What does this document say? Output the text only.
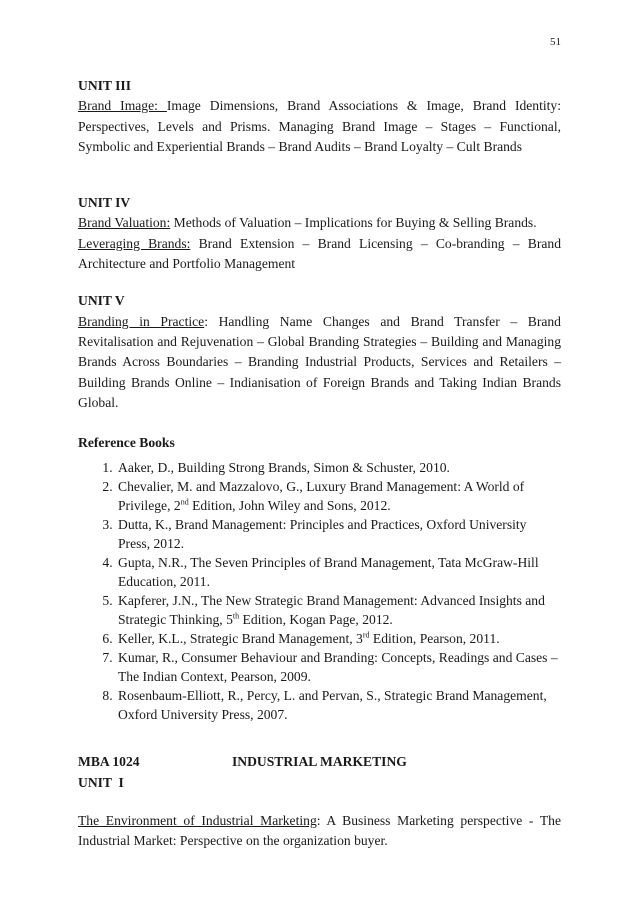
51

UNIT III

Brand Image: Image Dimensions, Brand Associations & Image, Brand Identity: Perspectives, Levels and Prisms. Managing Brand Image – Stages – Functional, Symbolic and Experiential Brands – Brand Audits – Brand Loyalty – Cult Brands

UNIT IV

Brand Valuation: Methods of Valuation – Implications for Buying & Selling Brands.

Leveraging Brands: Brand Extension – Brand Licensing – Co-branding – Brand Architecture and Portfolio Management

UNIT V

Branding in Practice: Handling Name Changes and Brand Transfer – Brand Revitalisation and Rejuvenation – Global Branding Strategies – Building and Managing Brands Across Boundaries – Branding Industrial Products, Services and Retailers – Building Brands Online – Indianisation of Foreign Brands and Taking Indian Brands Global.

Reference Books

1. Aaker, D., Building Strong Brands, Simon & Schuster, 2010.
2. Chevalier, M. and Mazzalovo, G., Luxury Brand Management: A World of Privilege, 2nd Edition, John Wiley and Sons, 2012.
3. Dutta, K., Brand Management: Principles and Practices, Oxford University Press, 2012.
4. Gupta, N.R., The Seven Principles of Brand Management, Tata McGraw-Hill Education, 2011.
5. Kapferer, J.N., The New Strategic Brand Management: Advanced Insights and Strategic Thinking, 5th Edition, Kogan Page, 2012.
6. Keller, K.L., Strategic Brand Management, 3rd Edition, Pearson, 2011.
7. Kumar, R., Consumer Behaviour and Branding: Concepts, Readings and Cases – The Indian Context, Pearson, 2009.
8. Rosenbaum-Elliott, R., Percy, L. and Pervan, S., Strategic Brand Management, Oxford University Press, 2007.
MBA 1024	INDUSTRIAL MARKETING

UNIT  I

The Environment of Industrial Marketing: A Business Marketing perspective - The Industrial Market: Perspective on the organization buyer.
